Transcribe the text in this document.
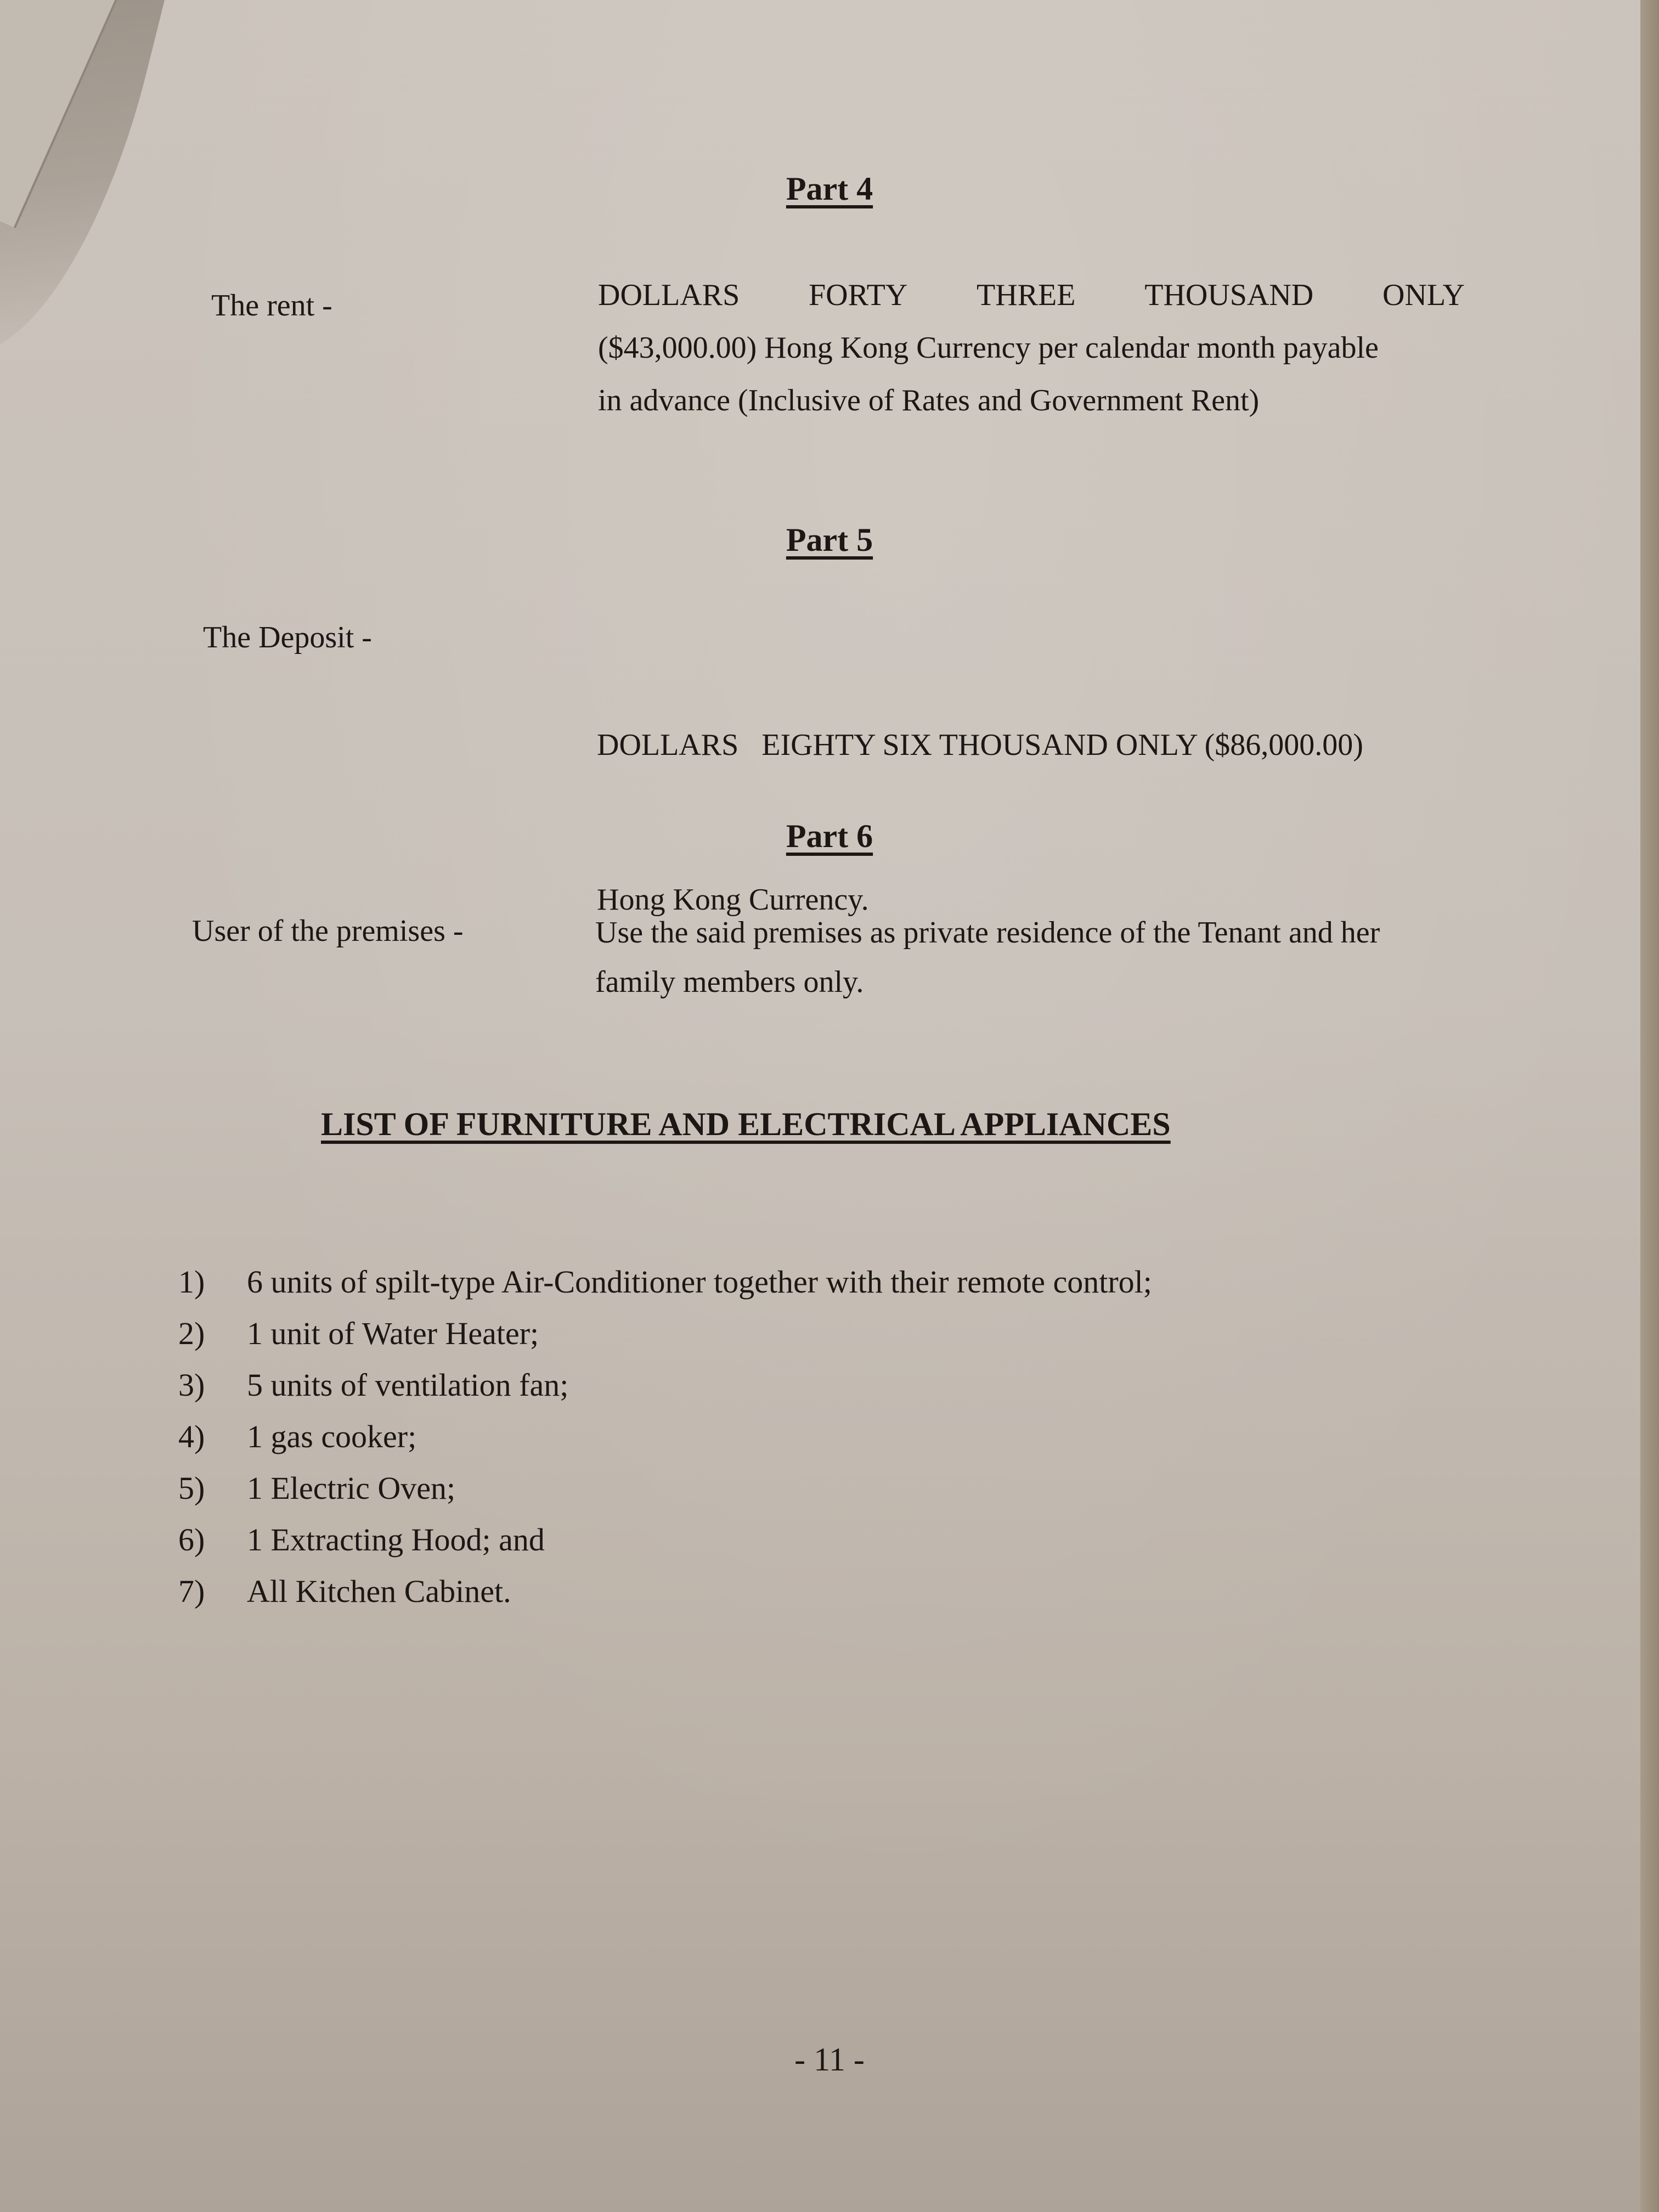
Part 4
The rent -	DOLLARS FORTY THREE THOUSAND ONLY
($43,000.00) Hong Kong Currency per calendar month payable
in advance (Inclusive of Rates and Government Rent)
Part 5
The Deposit -

DOLLARS   EIGHTY SIX THOUSAND ONLY ($86,000.00)

Hong Kong Currency.

Part 6
User of the premises -	Use the said premises as private residence of the Tenant and her
family members only.
LIST OF FURNITURE AND ELECTRICAL APPLIANCES
1)	6 units of spilt-type Air-Conditioner together with their remote control;
2)	1 unit of Water Heater;
3)	5 units of ventilation fan;
4)	1 gas cooker;
5)	1 Electric Oven;
6)	1 Extracting Hood; and
7)	All Kitchen Cabinet.
- 11 -
